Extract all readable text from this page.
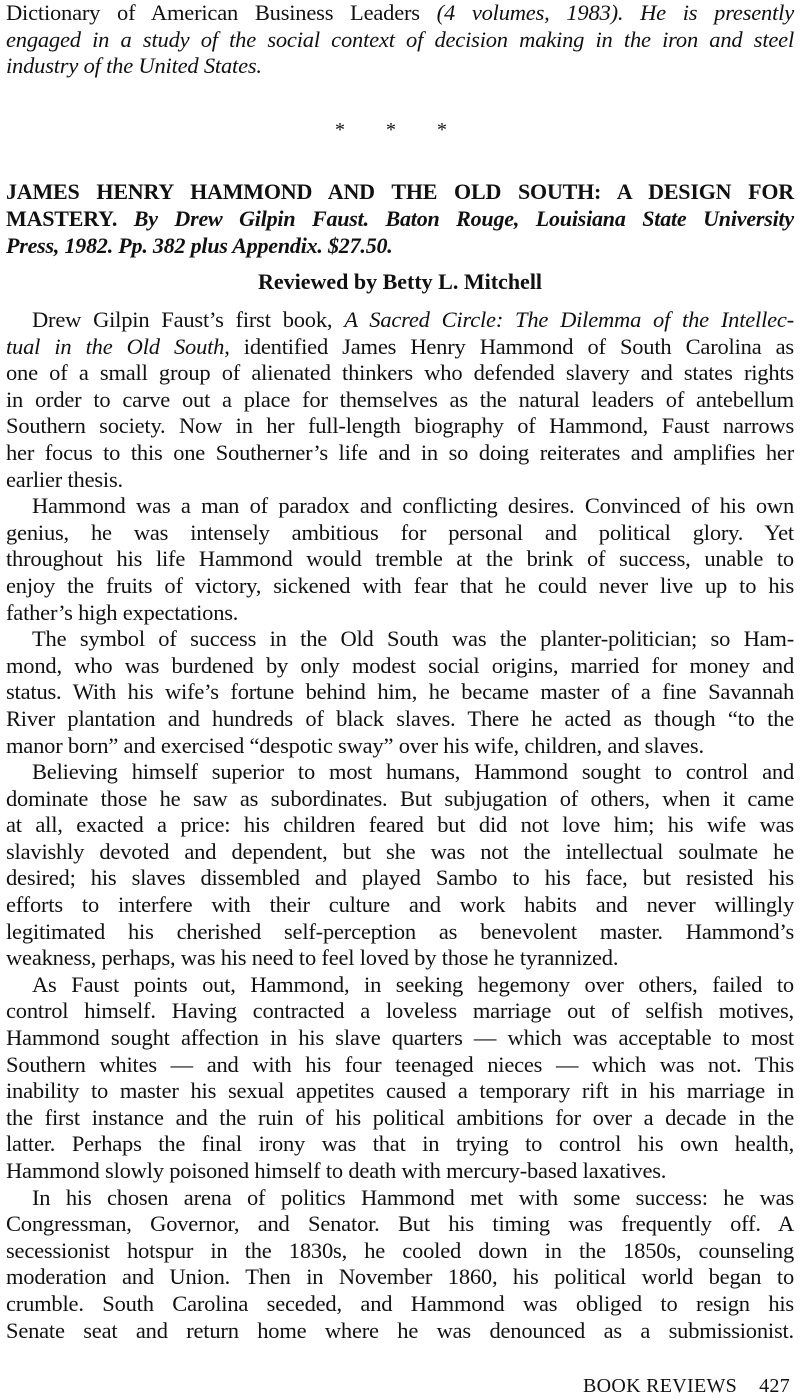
Dictionary of American Business Leaders (4 volumes, 1983). He is presently
engaged in a study of the social context of decision making in the iron and steel
industry of the United States.
* * *
JAMES HENRY HAMMOND AND THE OLD SOUTH: A DESIGN FOR
MASTERY. By Drew Gilpin Faust. Baton Rouge, Louisiana State University
Press, 1982. Pp. 382 plus Appendix. $27.50.
Reviewed by Betty L. Mitchell
Drew Gilpin Faust’s first book, A Sacred Circle: The Dilemma of the Intellec-
tual in the Old South, identified James Henry Hammond of South Carolina as
one of a small group of alienated thinkers who defended slavery and states rights
in order to carve out a place for themselves as the natural leaders of antebellum
Southern society. Now in her full-length biography of Hammond, Faust narrows
her focus to this one Southerner’s life and in so doing reiterates and amplifies her
earlier thesis.
Hammond was a man of paradox and conflicting desires. Convinced of his own
genius, he was intensely ambitious for personal and political glory. Yet
throughout his life Hammond would tremble at the brink of success, unable to
enjoy the fruits of victory, sickened with fear that he could never live up to his
father’s high expectations.
The symbol of success in the Old South was the planter-politician; so Ham-
mond, who was burdened by only modest social origins, married for money and
status. With his wife’s fortune behind him, he became master of a fine Savannah
River plantation and hundreds of black slaves. There he acted as though “to the
manor born” and exercised “despotic sway” over his wife, children, and slaves.
Believing himself superior to most humans, Hammond sought to control and
dominate those he saw as subordinates. But subjugation of others, when it came
at all, exacted a price: his children feared but did not love him; his wife was
slavishly devoted and dependent, but she was not the intellectual soulmate he
desired; his slaves dissembled and played Sambo to his face, but resisted his
efforts to interfere with their culture and work habits and never willingly
legitimated his cherished self-perception as benevolent master. Hammond’s
weakness, perhaps, was his need to feel loved by those he tyrannized.
As Faust points out, Hammond, in seeking hegemony over others, failed to
control himself. Having contracted a loveless marriage out of selfish motives,
Hammond sought affection in his slave quarters — which was acceptable to most
Southern whites — and with his four teenaged nieces — which was not. This
inability to master his sexual appetites caused a temporary rift in his marriage in
the first instance and the ruin of his political ambitions for over a decade in the
latter. Perhaps the final irony was that in trying to control his own health,
Hammond slowly poisoned himself to death with mercury-based laxatives.
In his chosen arena of politics Hammond met with some success: he was
Congressman, Governor, and Senator. But his timing was frequently off. A
secessionist hotspur in the 1830s, he cooled down in the 1850s, counseling
moderation and Union. Then in November 1860, his political world began to
crumble. South Carolina seceded, and Hammond was obliged to resign his
Senate seat and return home where he was denounced as a submissionist.
BOOK REVIEWS 427
